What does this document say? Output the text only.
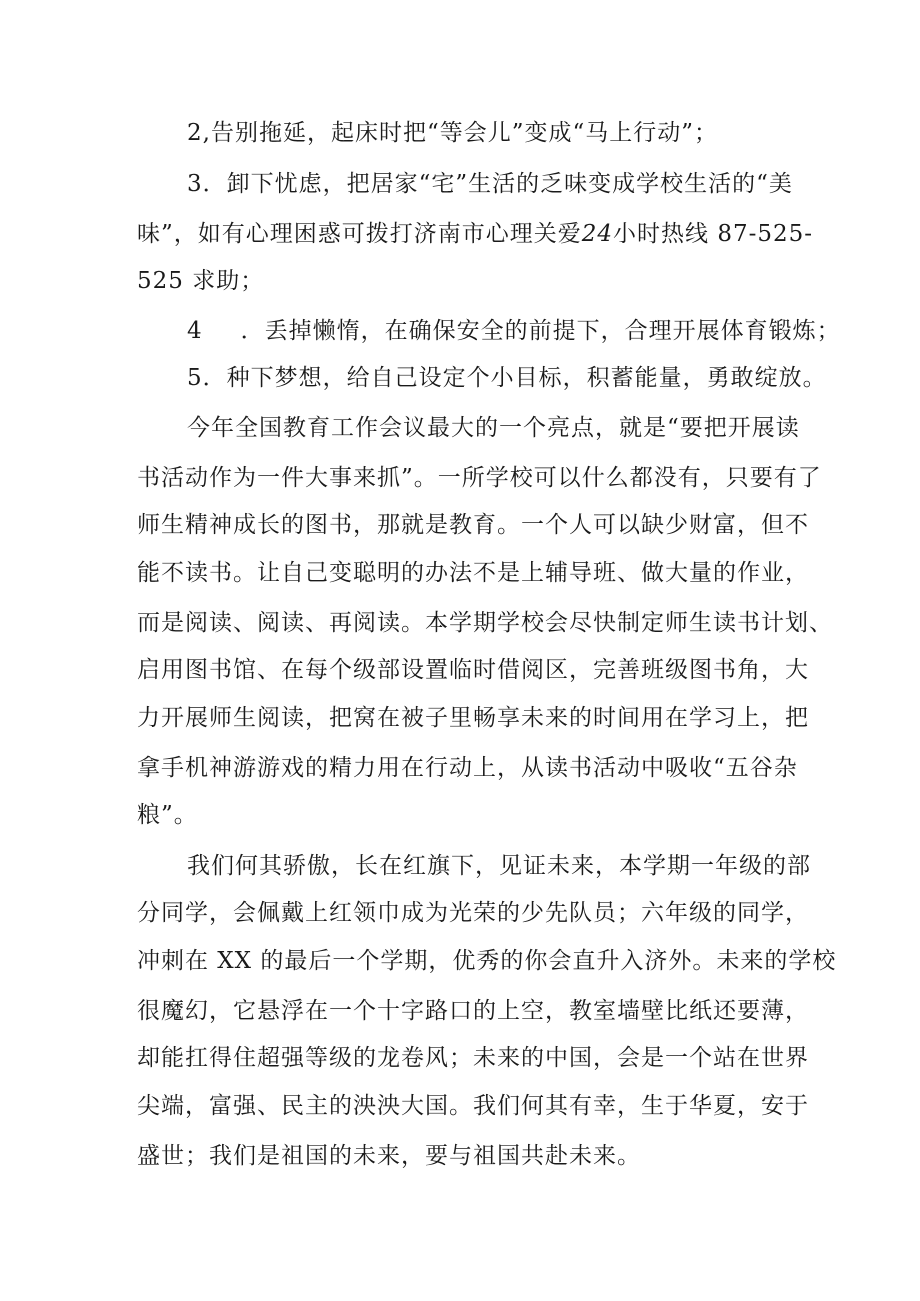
2,告别拖延，起床时把“等会儿”变成“马上行动”；
3．卸下忧虑，把居家“宅”生活的乏味变成学校生活的“美
味”，如有心理困惑可拨打济南市心理关爱24小时热线 87-525-
525 求助；
4 ．丢掉懒惰，在确保安全的前提下，合理开展体育锻炼；
5．种下梦想，给自己设定个小目标，积蓄能量，勇敢绽放。
今年全国教育工作会议最大的一个亮点，就是“要把开展读
书活动作为一件大事来抓”。一所学校可以什么都没有，只要有了
师生精神成长的图书，那就是教育。一个人可以缺少财富，但不
能不读书。让自己变聪明的办法不是上辅导班、做大量的作业，
而是阅读、阅读、再阅读。本学期学校会尽快制定师生读书计划、
启用图书馆、在每个级部设置临时借阅区，完善班级图书角，大
力开展师生阅读，把窝在被子里畅享未来的时间用在学习上，把
拿手机神游游戏的精力用在行动上，从读书活动中吸收“五谷杂
粮”。
我们何其骄傲，长在红旗下，见证未来，本学期一年级的部
分同学，会佩戴上红领巾成为光荣的少先队员；六年级的同学，
冲刺在 XX 的最后一个学期，优秀的你会直升入济外。未来的学校
很魔幻，它悬浮在一个十字路口的上空，教室墙壁比纸还要薄，
却能扛得住超强等级的龙卷风；未来的中国，会是一个站在世界
尖端，富强、民主的泱泱大国。我们何其有幸，生于华夏，安于
盛世；我们是祖国的未来，要与祖国共赴未来。
